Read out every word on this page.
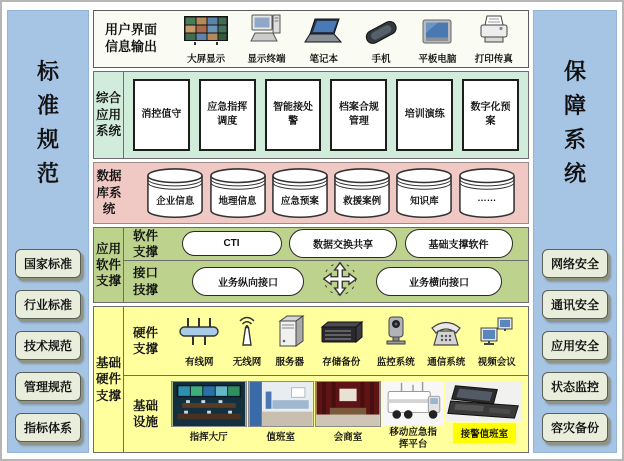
标准规范
国家标准
行业标准
技术规范
管理规范
指标体系
用户界面信息输出
大屏显示 显示终端	笔记本	手机	平板电脑 打印传真
综合应用系统
消控值守
应急指挥调度
智能接处警
档案合规管理
培训演练
数字化预案
数据库系统
企业信息	地理信息	应急预案	救援案例	知识库	……
应用软件支撑
软件支撑
CTI	数据交换共享	基础支撑软件
接口技撑	业务纵向接口	业务横向接口
基础硬件支撑
硬件支撑
有线网 无线网 服务器 存储备份 监控系统 通信系统 视频会议
基础设施
指挥大厅	值班室	会商室	移动应急指挥平台
接警值班室
保障系统
网络安全
通讯安全
应用安全
状态监控
容灾备份
